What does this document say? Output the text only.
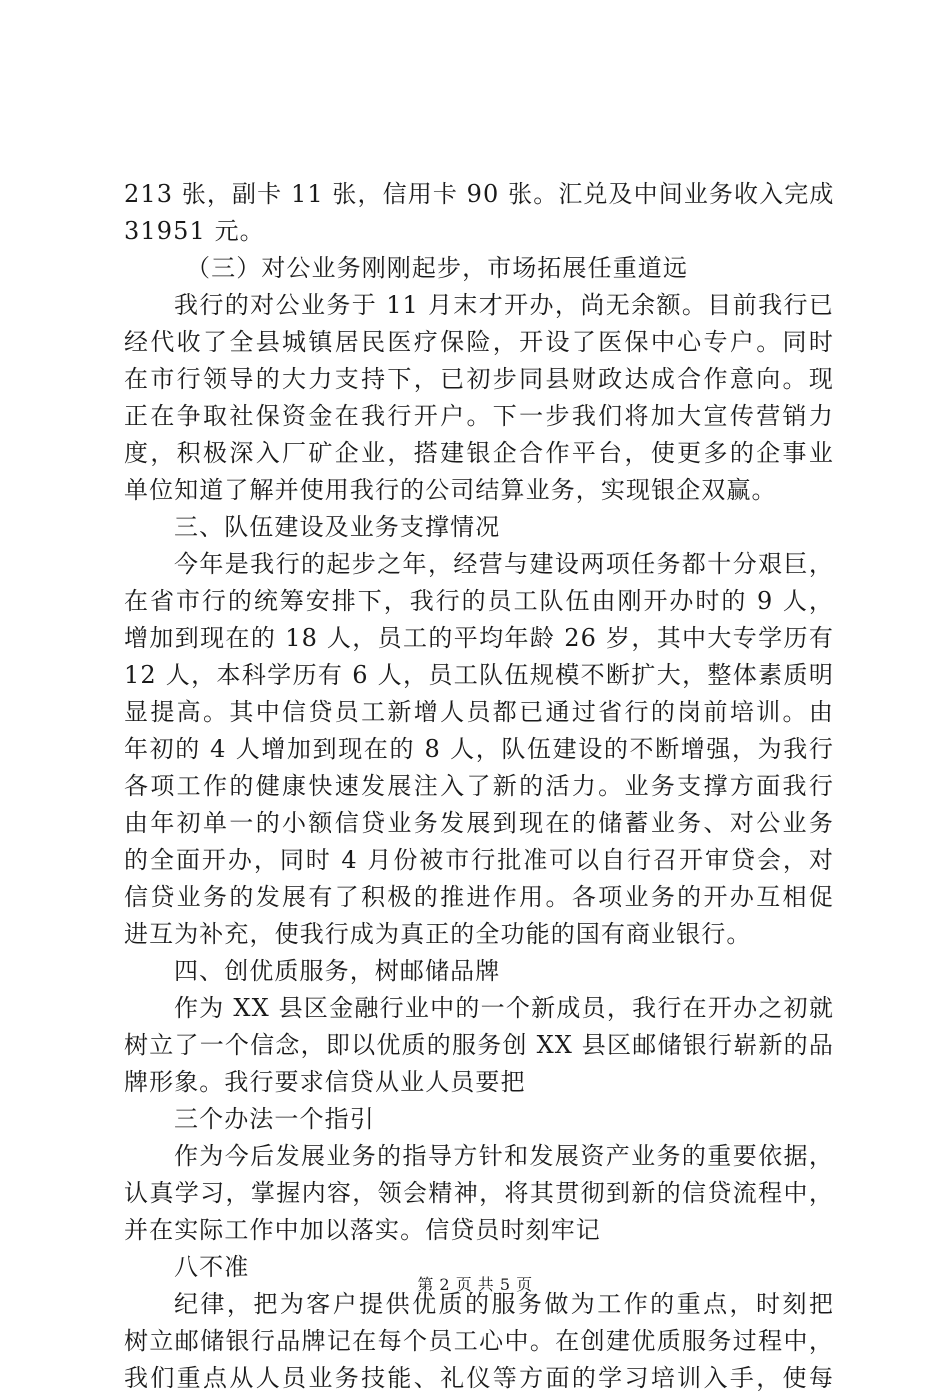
213 张，副卡 11 张，信用卡 90 张。汇兑及中间业务收入完成
31951 元。
（三）对公业务刚刚起步，市场拓展任重道远
我行的对公业务于 11 月末才开办，尚无余额。目前我行已
经代收了全县城镇居民医疗保险，开设了医保中心专户。同时
在市行领导的大力支持下，已初步同县财政达成合作意向。现
正在争取社保资金在我行开户。下一步我们将加大宣传营销力
度，积极深入厂矿企业，搭建银企合作平台，使更多的企事业
单位知道了解并使用我行的公司结算业务，实现银企双赢。
三、队伍建设及业务支撑情况
今年是我行的起步之年，经营与建设两项任务都十分艰巨，
在省市行的统筹安排下，我行的员工队伍由刚开办时的 9 人，
增加到现在的 18 人，员工的平均年龄 26 岁，其中大专学历有
12 人，本科学历有 6 人，员工队伍规模不断扩大，整体素质明
显提高。其中信贷员工新增人员都已通过省行的岗前培训。由
年初的 4 人增加到现在的 8 人，队伍建设的不断增强，为我行
各项工作的健康快速发展注入了新的活力。业务支撑方面我行
由年初单一的小额信贷业务发展到现在的储蓄业务、对公业务
的全面开办，同时 4 月份被市行批准可以自行召开审贷会，对
信贷业务的发展有了积极的推进作用。各项业务的开办互相促
进互为补充，使我行成为真正的全功能的国有商业银行。
四、创优质服务，树邮储品牌
作为 XX 县区金融行业中的一个新成员，我行在开办之初就
树立了一个信念，即以优质的服务创 XX 县区邮储银行崭新的品
牌形象。我行要求信贷从业人员要把
三个办法一个指引
作为今后发展业务的指导方针和发展资产业务的重要依据，
认真学习，掌握内容，领会精神，将其贯彻到新的信贷流程中，
并在实际工作中加以落实。信贷员时刻牢记
八不准
纪律，把为客户提供优质的服务做为工作的重点，时刻把
树立邮储银行品牌记在每个员工心中。在创建优质服务过程中，
我们重点从人员业务技能、礼仪等方面的学习培训入手，使每
第 2 页 共 5 页
